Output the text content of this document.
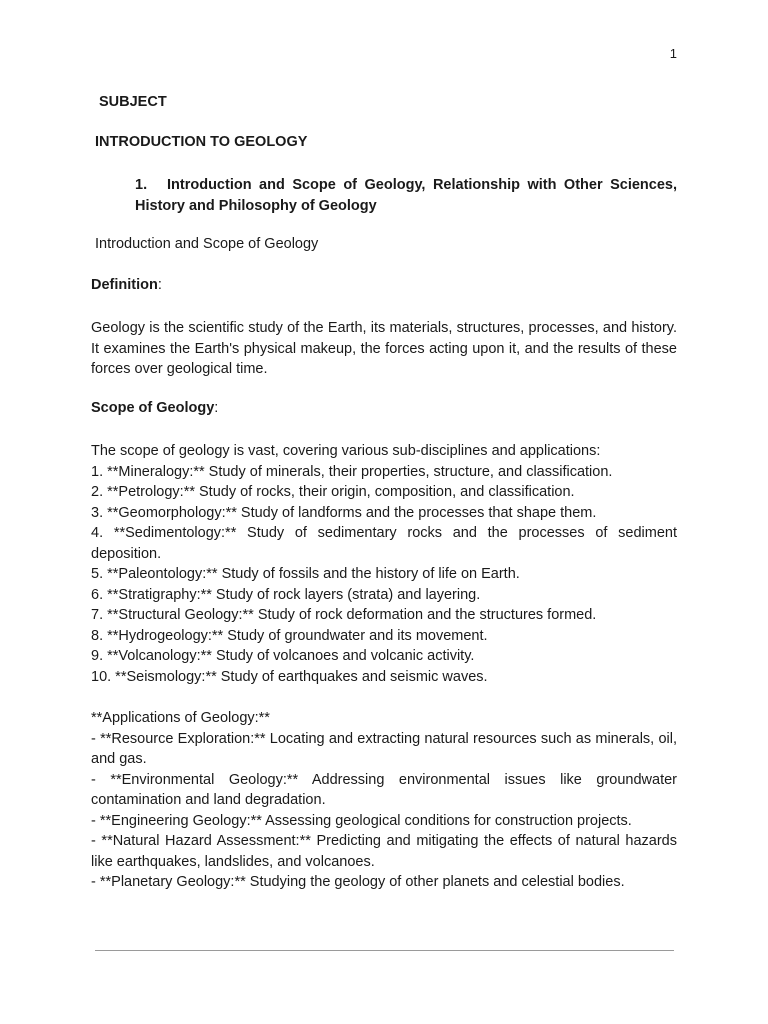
1
SUBJECT
INTRODUCTION TO GEOLOGY
1. Introduction and Scope of Geology, Relationship with Other Sciences, History and Philosophy of Geology
Introduction and Scope of Geology
Definition:

Geology is the scientific study of the Earth, its materials, structures, processes, and history. It examines the Earth's physical makeup, the forces acting upon it, and the results of these forces over geological time.

Scope of Geology:
The scope of geology is vast, covering various sub-disciplines and applications:
1. **Mineralogy:** Study of minerals, their properties, structure, and classification.
2. **Petrology:** Study of rocks, their origin, composition, and classification.
3. **Geomorphology:** Study of landforms and the processes that shape them.
4. **Sedimentology:** Study of sedimentary rocks and the processes of sediment deposition.
5. **Paleontology:** Study of fossils and the history of life on Earth.
6. **Stratigraphy:** Study of rock layers (strata) and layering.
7. **Structural Geology:** Study of rock deformation and the structures formed.
8. **Hydrogeology:** Study of groundwater and its movement.
9. **Volcanology:** Study of volcanoes and volcanic activity.
10. **Seismology:** Study of earthquakes and seismic waves.
**Applications of Geology:**
- **Resource Exploration:** Locating and extracting natural resources such as minerals, oil, and gas.
- **Environmental Geology:** Addressing environmental issues like groundwater contamination and land degradation.
- **Engineering Geology:** Assessing geological conditions for construction projects.
- **Natural Hazard Assessment:** Predicting and mitigating the effects of natural hazards like earthquakes, landslides, and volcanoes.
- **Planetary Geology:** Studying the geology of other planets and celestial bodies.
